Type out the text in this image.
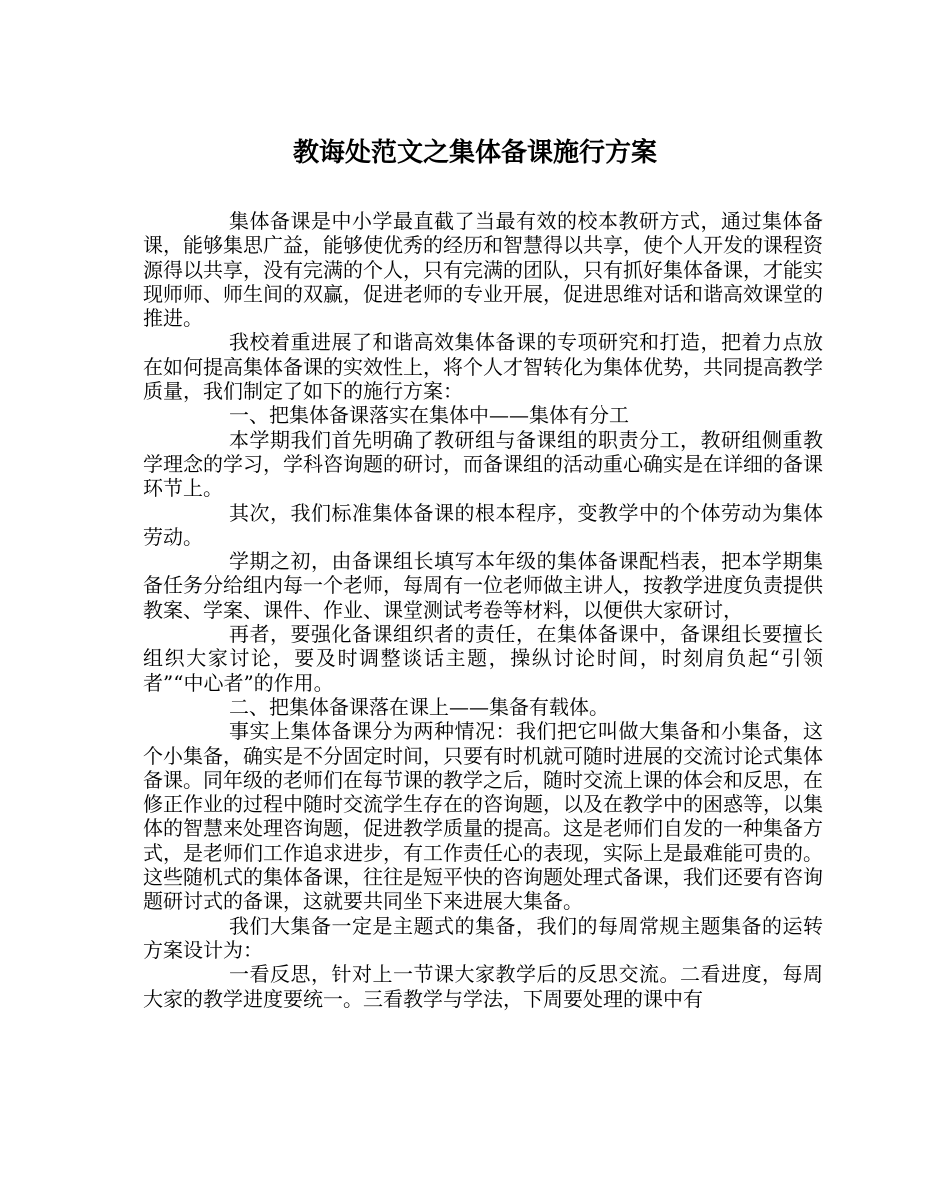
教诲处范文之集体备课施行方案

集体备课是中小学最直截了当最有效的校本教研方式，通过集体备课，能够集思广益，能够使优秀的经历和智慧得以共享，使个人开发的课程资源得以共享，没有完满的个人，只有完满的团队，只有抓好集体备课，才能实现师师、师生间的双赢，促进老师的专业开展，促进思维对话和谐高效课堂的推进。

我校着重进展了和谐高效集体备课的专项研究和打造，把着力点放在如何提高集体备课的实效性上，将个人才智转化为集体优势，共同提高教学质量，我们制定了如下的施行方案：

一、把集体备课落实在集体中——集体有分工

本学期我们首先明确了教研组与备课组的职责分工，教研组侧重教学理念的学习，学科咨询题的研讨，而备课组的活动重心确实是在详细的备课环节上。

其次，我们标准集体备课的根本程序，变教学中的个体劳动为集体劳动。

学期之初，由备课组长填写本年级的集体备课配档表，把本学期集备任务分给组内每一个老师，每周有一位老师做主讲人，按教学进度负责提供教案、学案、课件、作业、课堂测试考卷等材料，以便供大家研讨，

再者，要强化备课组织者的责任，在集体备课中，备课组长要擅长组织大家讨论，要及时调整谈话主题，操纵讨论时间，时刻肩负起“引领者”“中心者”的作用。

二、把集体备课落在课上——集备有载体。

事实上集体备课分为两种情况：我们把它叫做大集备和小集备，这个小集备，确实是不分固定时间，只要有时机就可随时进展的交流讨论式集体备课。同年级的老师们在每节课的教学之后，随时交流上课的体会和反思，在修正作业的过程中随时交流学生存在的咨询题，以及在教学中的困惑等，以集体的智慧来处理咨询题，促进教学质量的提高。这是老师们自发的一种集备方式，是老师们工作追求进步，有工作责任心的表现，实际上是最难能可贵的。这些随机式的集体备课，往往是短平快的咨询题处理式备课，我们还要有咨询题研讨式的备课，这就要共同坐下来进展大集备。

我们大集备一定是主题式的集备，我们的每周常规主题集备的运转方案设计为：

一看反思，针对上一节课大家教学后的反思交流。二看进度，每周大家的教学进度要统一。三看教学与学法，下周要处理的课中有
